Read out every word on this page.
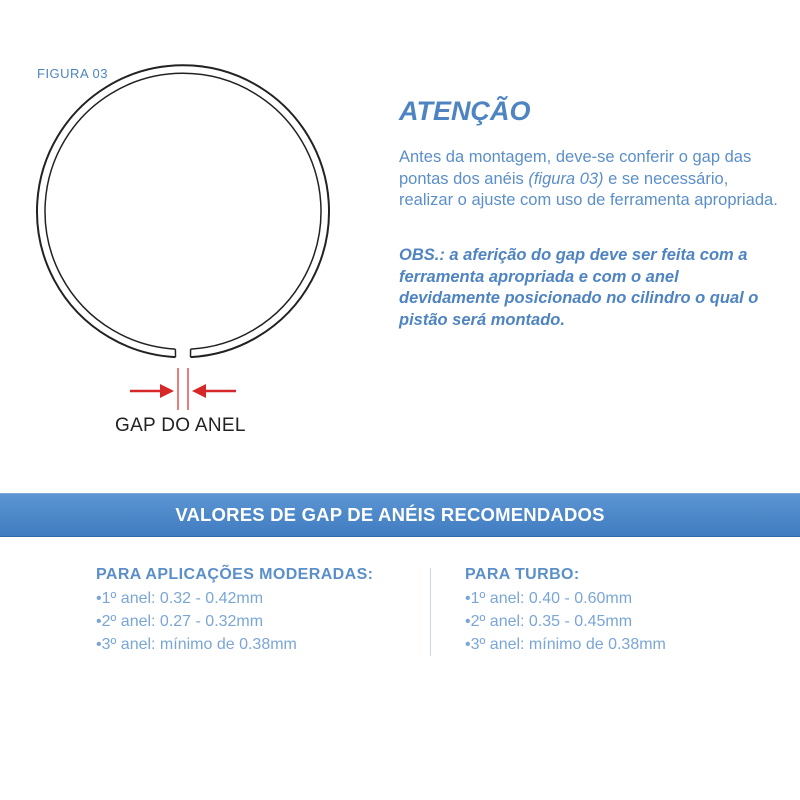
FIGURA 03
GAP DO ANEL
ATENÇÃO
Antes da montagem, deve-se conferir o gap das pontas dos anéis (figura 03) e se necessário, realizar o ajuste com uso de ferramenta apropriada.
OBS.: a aferição do gap deve ser feita com a ferramenta apropriada e com o anel devidamente posicionado no cilindro o qual o pistão será montado.
VALORES DE GAP DE ANÉIS RECOMENDADOS
PARA APLICAÇÕES MODERADAS:
•1º anel: 0.32 - 0.42mm
•2º anel: 0.27 - 0.32mm
•3º anel: mínimo de 0.38mm
PARA TURBO:
•1º anel: 0.40 - 0.60mm
•2º anel: 0.35 - 0.45mm
•3º anel: mínimo de 0.38mm
